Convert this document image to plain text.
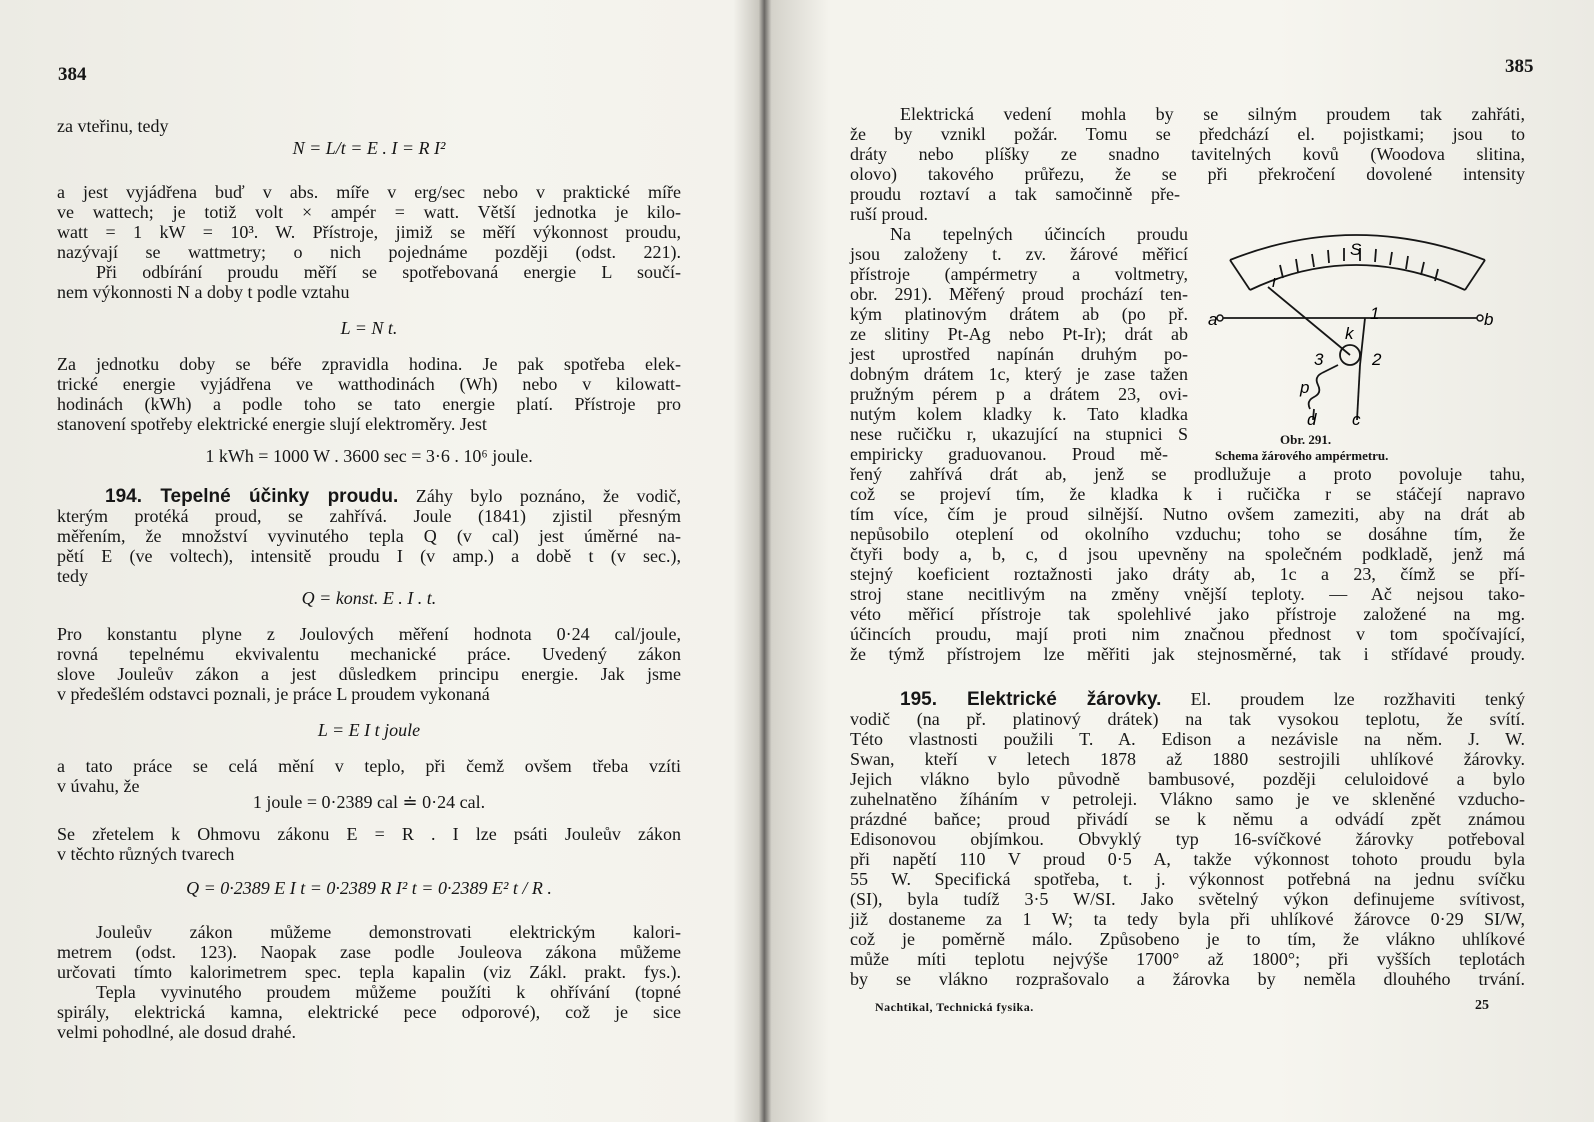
384
za vteřinu, tedy
N = L/t = E . I = R I²
a jest vyjádřena buď v abs. míře v erg/sec nebo v praktické míře
ve wattech; je totiž volt × ampér = watt. Větší jednotka je kilo-
watt = 1 kW = 10³. W. Přístroje, jimiž se měří výkonnost proudu,
nazývají se wattmetry; o nich pojednáme později (odst. 221).
Při odbírání proudu měří se spotřebovaná energie L součí-
nem výkonnosti N a doby t podle vztahu
L = N t.
Za jednotku doby se béře zpravidla hodina. Je pak spotřeba elek-
trické energie vyjádřena ve watthodinách (Wh) nebo v kilowatt-
hodinách (kWh) a podle toho se tato energie platí. Přístroje pro
stanovení spotřeby elektrické energie slují elektroměry. Jest
1 kWh = 1000 W . 3600 sec = 3·6 . 10⁶ joule.
194. Tepelné účinky proudu. Záhy bylo poznáno, že vodič,
kterým protéká proud, se zahřívá. Joule (1841) zjistil přesným
měřením, že množství vyvinutého tepla Q (v cal) jest úměrné na-
pětí E (ve voltech), intensitě proudu I (v amp.) a době t (v sec.),
tedy
Q = konst. E . I . t.
Pro konstantu plyne z Joulových měření hodnota 0·24 cal/joule,
rovná tepelnému ekvivalentu mechanické práce. Uvedený zákon
slove Jouleův zákon a jest důsledkem principu energie. Jak jsme
v předešlém odstavci poznali, je práce L proudem vykonaná
L = E I t joule
a tato práce se celá mění v teplo, při čemž ovšem třeba vzíti
v úvahu, že
1 joule = 0·2389 cal ≐ 0·24 cal.
Se zřetelem k Ohmovu zákonu E = R . I lze psáti Jouleův zákon
v těchto různých tvarech
Q = 0·2389 E I t = 0·2389 R I² t = 0·2389 E² t / R .
Jouleův zákon můžeme demonstrovati elektrickým kalori-
metrem (odst. 123). Naopak zase podle Jouleova zákona můžeme
určovati tímto kalorimetrem spec. tepla kapalin (viz Zákl. prakt. fys.).
Tepla vyvinutého proudem můžeme použíti k ohřívání (topné
spirály, elektrická kamna, elektrické pece odporové), což je sice
velmi pohodlné, ale dosud drahé.
385
Elektrická vedení mohla by se silným proudem tak zahřáti,
že by vznikl požár. Tomu se předchází el. pojistkami; jsou to
dráty nebo plíšky ze snadno tavitelných kovů (Woodova slitina,
olovo) takového průřezu, že se při překročení dovolené intensity
proudu roztaví a tak samočinně pře-
ruší proud.
Na tepelných účincích proudu
jsou založeny t. zv. žárové měřicí
přístroje (ampérmetry a voltmetry,
obr. 291). Měřený proud prochází ten-
kým platinovým drátem ab (po př.
ze slitiny Pt-Ag nebo Pt-Ir); drát ab
jest uprostřed napínán druhým po-
dobným drátem 1c, který je zase tažen
pružným pérem p a drátem 23, ovi-
nutým kolem kladky k. Tato kladka
nese ručičku r, ukazující na stupnici S
empiricky graduovanou. Proud mě-
S
r
a	b
k
1
2
3
p
d c
Obr. 291.
Schema žárového ampérmetru.
řený zahřívá drát ab, jenž se prodlužuje a proto povoluje tahu,
což se projeví tím, že kladka k i ručička r se stáčejí napravo
tím více, čím je proud silnější. Nutno ovšem zameziti, aby na drát ab
nepůsobilo oteplení od okolního vzduchu; toho se dosáhne tím, že
čtyři body a, b, c, d jsou upevněny na společném podkladě, jenž má
stejný koeficient roztažnosti jako dráty ab, 1c a 23, čímž se pří-
stroj stane necitlivým na změny vnější teploty. — Ač nejsou tako-
véto měřicí přístroje tak spolehlivé jako přístroje založené na mg.
účincích proudu, mají proti nim značnou přednost v tom spočívající,
že týmž přístrojem lze měřiti jak stejnosměrné, tak i střídavé proudy.
195. Elektrické žárovky. El. proudem lze rozžhaviti tenký
vodič (na př. platinový drátek) na tak vysokou teplotu, že svítí.
Této vlastnosti použili T. A. Edison a nezávisle na něm. J. W.
Swan, kteří v letech 1878 až 1880 sestrojili uhlíkové žárovky.
Jejich vlákno bylo původně bambusové, později celuloidové a bylo
zuhelnatěno žíháním v petroleji. Vlákno samo je ve skleněné vzducho-
prázdné baňce; proud přivádí se k němu a odvádí zpět známou
Edisonovou objímkou. Obvyklý typ 16-svíčkové žárovky potřeboval
při napětí 110 V proud 0·5 A, takže výkonnost tohoto proudu byla
55 W. Specifická spotřeba, t. j. výkonnost potřebná na jednu svíčku
(SI), byla tudíž 3·5 W/SI. Jako světelný výkon definujeme svítivost,
již dostaneme za 1 W; ta tedy byla při uhlíkové žárovce 0·29 SI/W,
což je poměrně málo. Způsobeno je to tím, že vlákno uhlíkové
může míti teplotu nejvýše 1700° až 1800°; při vyšších teplotách
by se vlákno rozprašovalo a žárovka by neměla dlouhého trvání.
Nachtikal, Technická fysika.	25
